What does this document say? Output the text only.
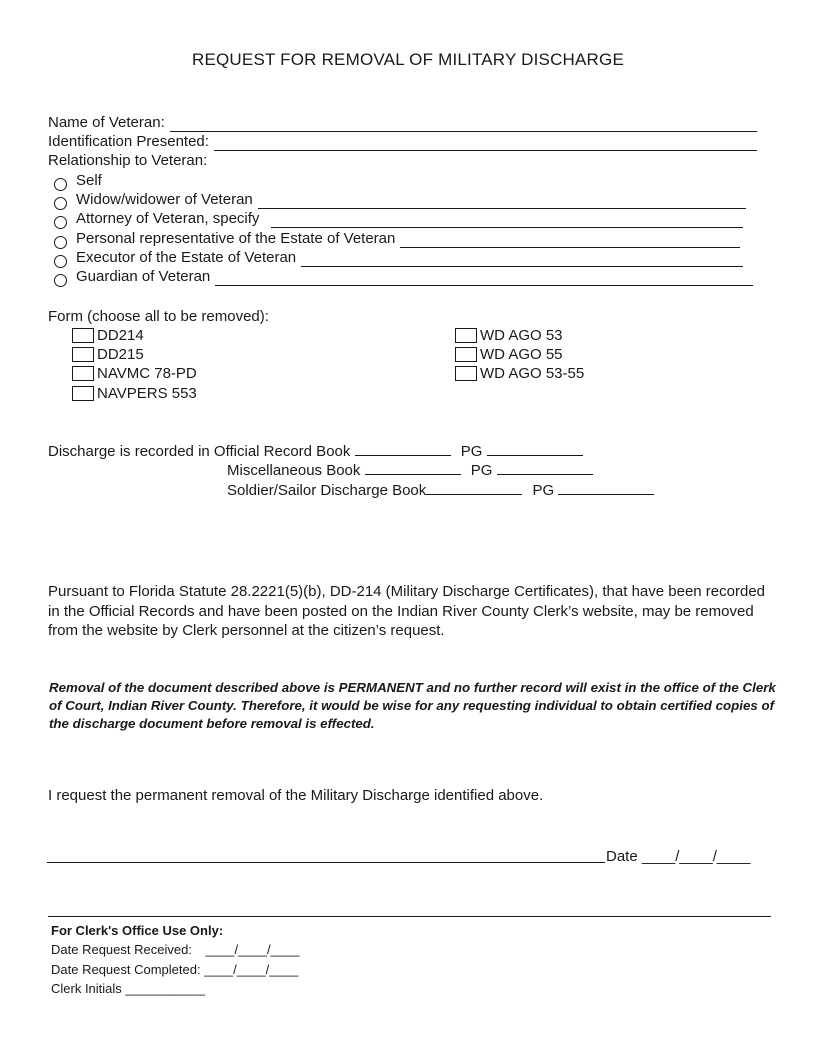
REQUEST FOR REMOVAL OF MILITARY DISCHARGE
Name of Veteran:
Identification Presented:
Relationship to Veteran:
Self
Widow/widower of Veteran
Attorney of Veteran, specify
Personal representative of the Estate of Veteran
Executor of the Estate of Veteran
Guardian of Veteran
Form (choose all to be removed):
DD214
DD215
NAVMC 78-PD
NAVPERS 553
WD AGO 53
WD AGO 55
WD AGO 53-55
Discharge is recorded in Official Record Book	PG
Miscellaneous Book	PG
Soldier/Sailor Discharge Book	PG
Pursuant to Florida Statute 28.2221(5)(b), DD-214 (Military Discharge Certificates), that have been recorded in the Official Records and have been posted on the Indian River County Clerk’s website, may be removed from the website by Clerk personnel at the citizen’s request.
Removal of the document described above is PERMANENT and no further record will exist in the office of the Clerk of Court, Indian River County. Therefore, it would be wise for any requesting individual to obtain certified copies of the discharge document before removal is effected.
I request the permanent removal of the Military Discharge identified above.
Date ____/____/____
For Clerk's Office Use Only:
Date Request Received: ____/____/____
Date Request Completed: ____/____/____
Clerk Initials ___________
